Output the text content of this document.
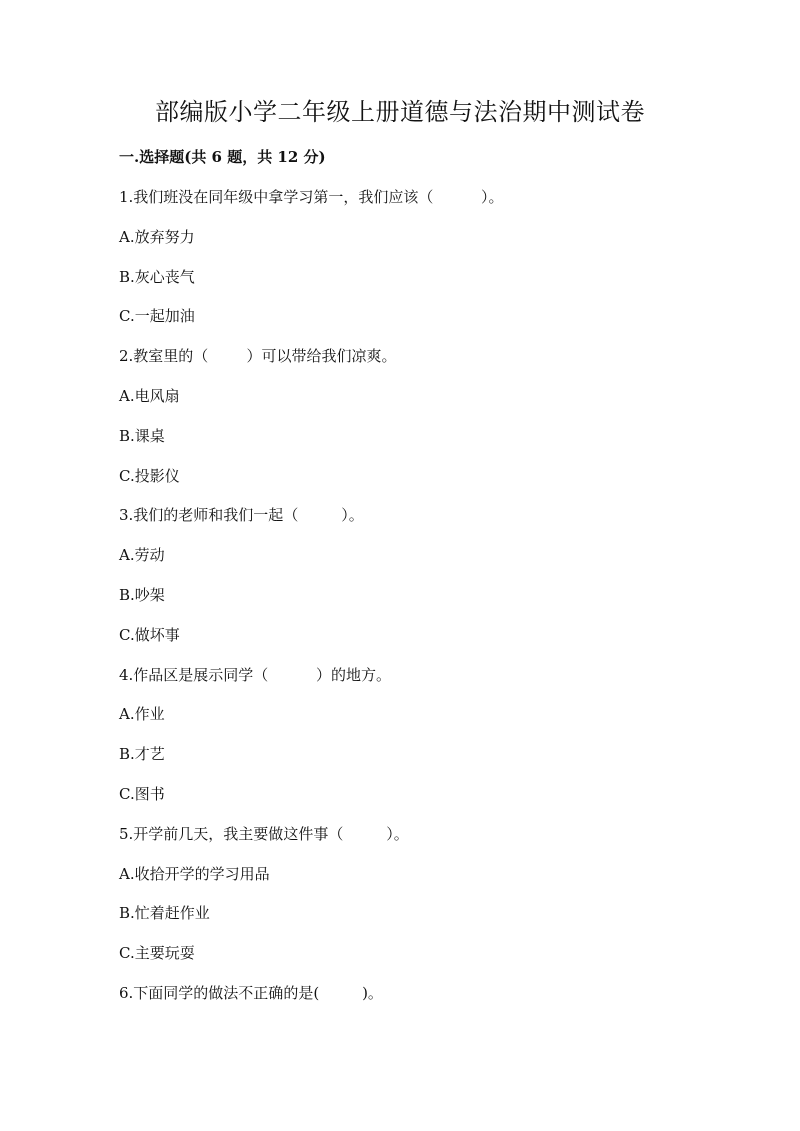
部编版小学二年级上册道德与法治期中测试卷
一.选择题(共 6 题，共 12 分)
1.我们班没在同年级中拿学习第一，我们应该（          ）。
A.放弃努力
B.灰心丧气
C.一起加油
2.教室里的（        ）可以带给我们凉爽。
A.电风扇
B.课桌
C.投影仪
3.我们的老师和我们一起（         ）。
A.劳动
B.吵架
C.做坏事
4.作品区是展示同学（          ）的地方。
A.作业
B.才艺
C.图书
5.开学前几天，我主要做这件事（         ）。
A.收拾开学的学习用品
B.忙着赶作业
C.主要玩耍
6.下面同学的做法不正确的是(         )。
